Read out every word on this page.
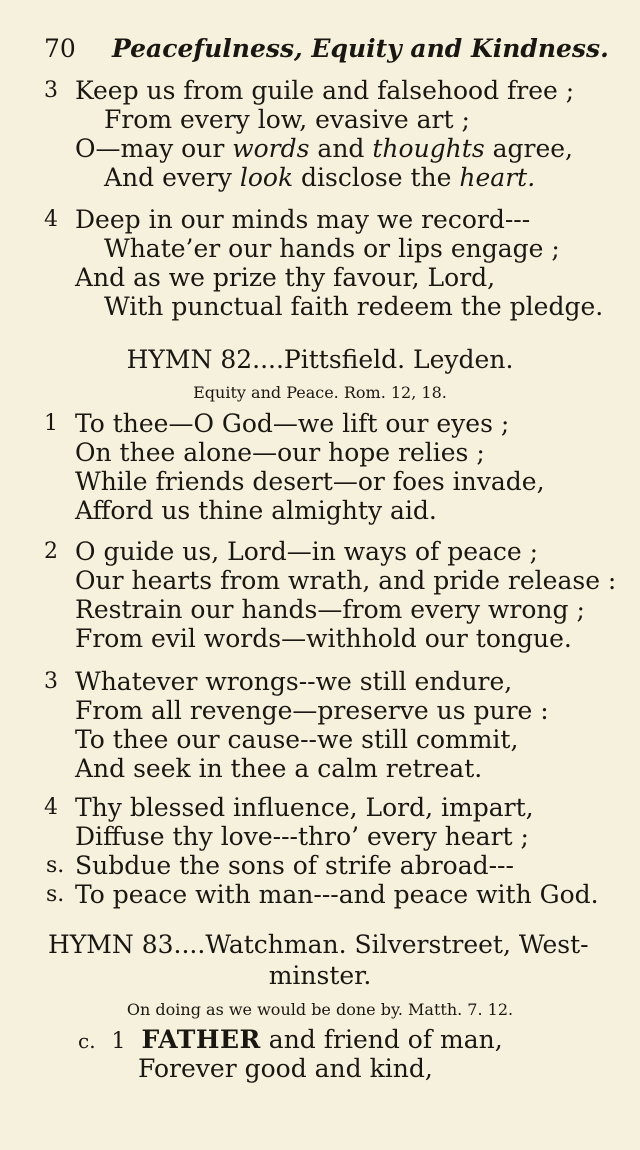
70 Peacefulness, Equity and Kindness.
3 Keep us from guile and falsehood free ;
From every low, evasive art ;
O—may our words and thoughts agree,
And every look disclose the heart.
4 Deep in our minds may we record---
Whate’er our hands or lips engage ;
And as we prize thy favour, Lord,
With punctual faith redeem the pledge.
HYMN 82....Pittsfield. Leyden.
Equity and Peace. Rom. 12, 18.
1 To thee—O God—we lift our eyes ;
On thee alone—our hope relies ;
While friends desert—or foes invade,
Afford us thine almighty aid.
2 O guide us, Lord—in ways of peace ;
Our hearts from wrath, and pride release :
Restrain our hands—from every wrong ;
From evil words—withhold our tongue.
3 Whatever wrongs--we still endure,
From all revenge—preserve us pure :
To thee our cause--we still commit,
And seek in thee a calm retreat.
4 Thy blessed influence, Lord, impart,
Diffuse thy love---thro’ every heart ;
s. Subdue the sons of strife abroad---
s. To peace with man---and peace with God.
HYMN 83....Watchman. Silverstreet, West-
minster.
On doing as we would be done by. Matth. 7. 12.
c. 1 FATHER and friend of man,
Forever good and kind,
